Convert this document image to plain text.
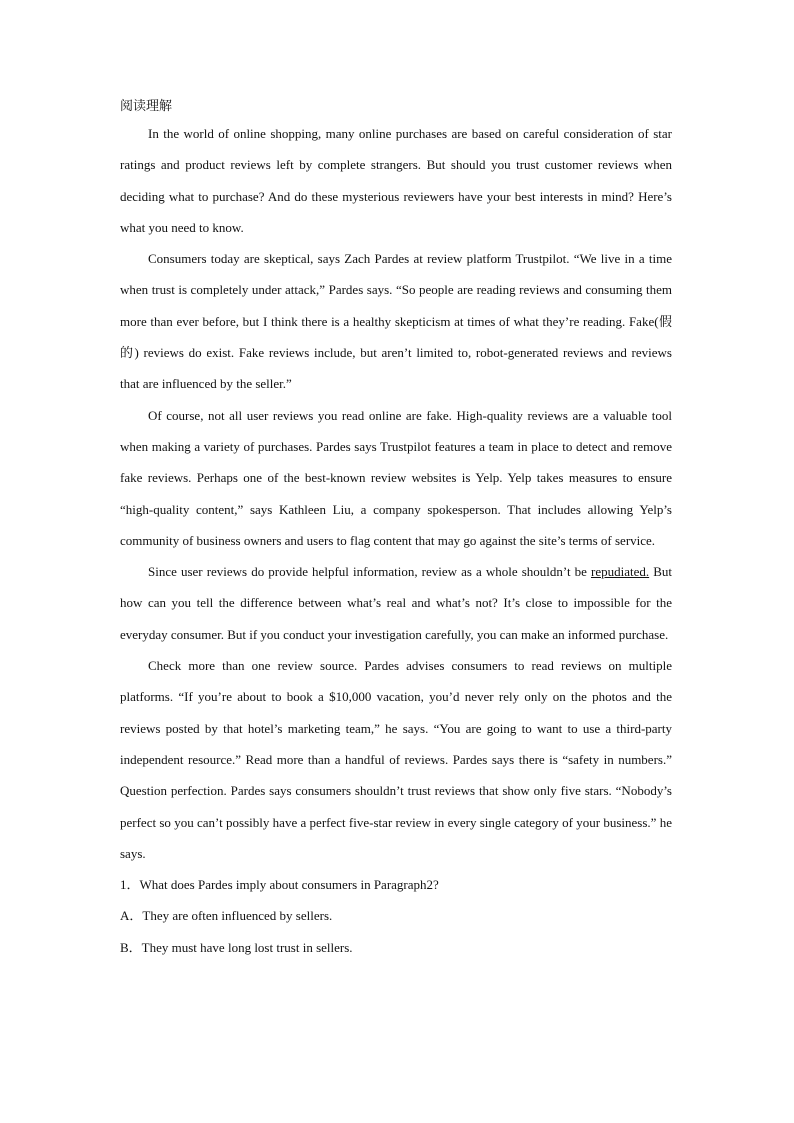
阅读理解

In the world of online shopping, many online purchases are based on careful consideration of star ratings and product reviews left by complete strangers. But should you trust customer reviews when deciding what to purchase? And do these mysterious reviewers have your best interests in mind? Here’s what you need to know.

Consumers today are skeptical, says Zach Pardes at review platform Trustpilot. “We live in a time when trust is completely under attack,” Pardes says. “So people are reading reviews and consuming them more than ever before, but I think there is a healthy skepticism at times of what they’re reading. Fake(假的) reviews do exist. Fake reviews include, but aren’t limited to, robot-generated reviews and reviews that are influenced by the seller.”

Of course, not all user reviews you read online are fake. High-quality reviews are a valuable tool when making a variety of purchases. Pardes says Trustpilot features a team in place to detect and remove fake reviews. Perhaps one of the best-known review websites is Yelp. Yelp takes measures to ensure “high-quality content,” says Kathleen Liu, a company spokesperson. That includes allowing Yelp’s community of business owners and users to flag content that may go against the site’s terms of service.

Since user reviews do provide helpful information, review as a whole shouldn’t be repudiated. But how can you tell the difference between what’s real and what’s not? It’s close to impossible for the everyday consumer. But if you conduct your investigation carefully, you can make an informed purchase.

Check more than one review source. Pardes advises consumers to read reviews on multiple platforms. “If you’re about to book a $10,000 vacation, you’d never rely only on the photos and the reviews posted by that hotel’s marketing team,” he says. “You are going to want to use a third-party independent resource.” Read more than a handful of reviews. Pardes says there is “safety in numbers.” Question perfection. Pardes says consumers shouldn’t trust reviews that show only five stars. “Nobody’s perfect so you can’t possibly have a perfect five-star review in every single category of your business.” he says.

1．What does Pardes imply about consumers in Paragraph2?

A．They are often influenced by sellers.

B．They must have long lost trust in sellers.
